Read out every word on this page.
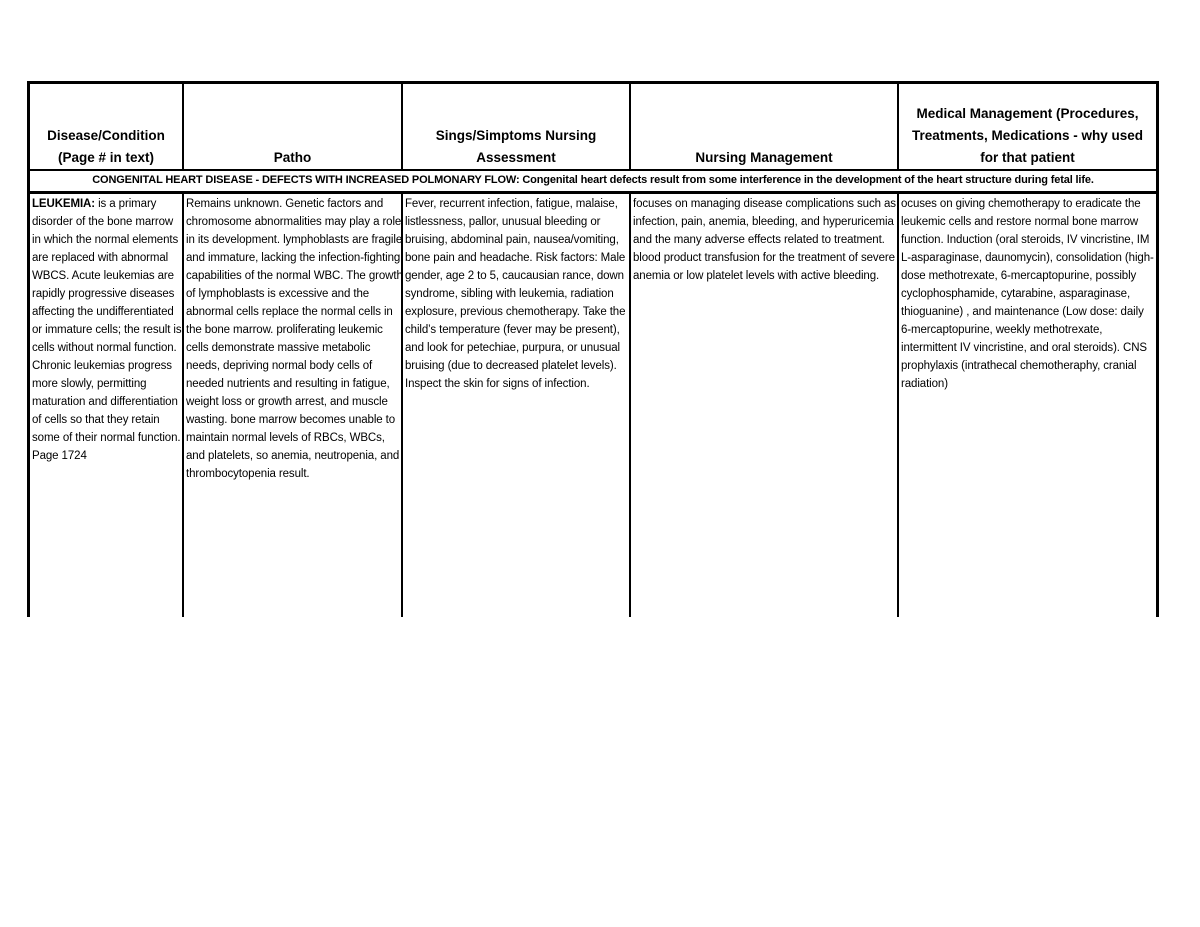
Disease/Condition
(Page # in text)	Patho
Sings/Simptoms Nursing
Assessment	Nursing Management
Medical Management (Procedures,
Treatments, Medications - why used
for that patient
CONGENITAL HEART DISEASE - DEFECTS WITH INCREASED POLMONARY FLOW: Congenital heart defects result from some interference in the development of the heart structure during fetal life.
LEUKEMIA: is a primary disorder of the bone marrow in which the normal elements are replaced with abnormal WBCS. Acute leukemias are rapidly progressive diseases affecting the undifferentiated or immature cells; the result is cells without normal function. Chronic leukemias progress more slowly, permitting maturation and differentiation of cells so that they retain some of their normal function.
Page 1724
Remains unknown. Genetic factors and chromosome abnormalities may play a role in its development. lymphoblasts are fragile and immature, lacking the infection-fighting capabilities of the normal WBC. The growth of lymphoblasts is excessive and the abnormal cells replace the normal cells in the bone marrow. proliferating leukemic cells demonstrate massive metabolic needs, depriving normal body cells of needed nutrients and resulting in fatigue, weight loss or growth arrest, and muscle wasting. bone marrow becomes unable to maintain normal levels of RBCs, WBCs, and platelets, so anemia, neutropenia, and thrombocytopenia result.
Fever, recurrent infection, fatigue, malaise, listlessness, pallor, unusual bleeding or bruising, abdominal pain, nausea/vomiting, bone pain and headache. Risk factors: Male gender, age 2 to 5, caucausian rance, down syndrome, sibling with leukemia, radiation explosure, previous chemotherapy. Take the child’s temperature (fever may be present), and look for petechiae, purpura, or unusual bruising (due to decreased platelet levels). Inspect the skin for signs of infection.
focuses on managing disease complications such as infection, pain, anemia, bleeding, and hyperuricemia and the many adverse effects related to treatment. blood product transfusion for the treatment of severe anemia or low platelet levels with active bleeding.
ocuses on giving chemotherapy to eradicate the leukemic cells and restore normal bone marrow function. Induction (oral steroids, IV vincristine, IM L-asparaginase, daunomycin), consolidation (high-dose methotrexate, 6-mercaptopurine, possibly cyclophosphamide, cytarabine, asparaginase, thioguanine) , and maintenance (Low dose: daily 6-mercaptopurine, weekly methotrexate, intermittent IV vincristine, and oral steroids). CNS prophylaxis (intrathecal chemotheraphy, cranial radiation)
